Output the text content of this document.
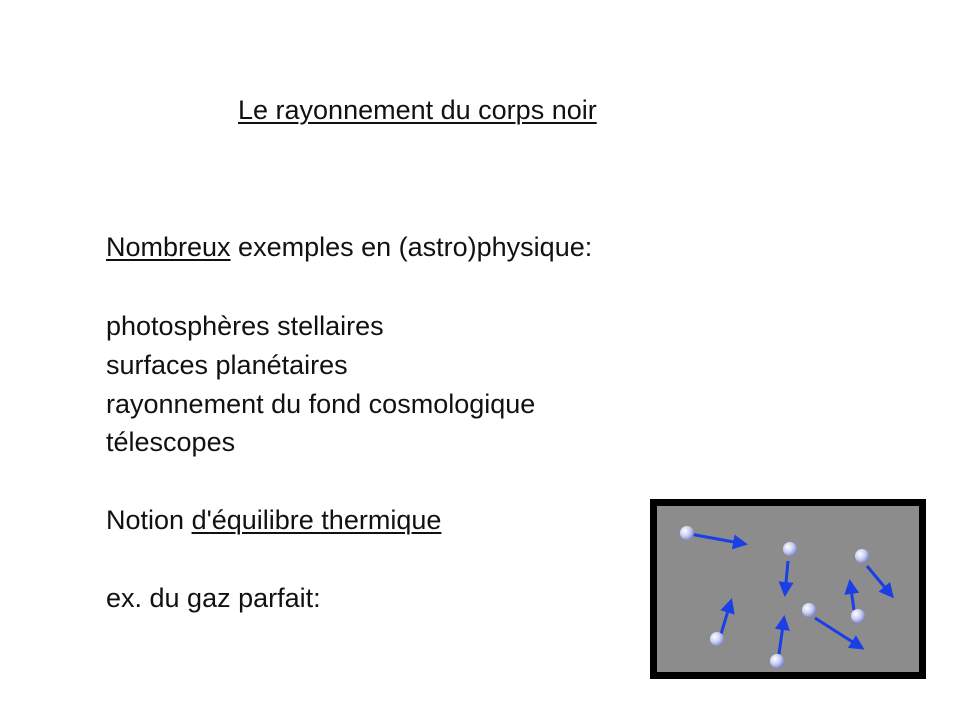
Le rayonnement du corps noir

Nombreux exemples en (astro)physique:

photosphères stellaires

surfaces planétaires

rayonnement du fond cosmologique

télescopes

Notion d'équilibre thermique

ex. du gaz parfait:
